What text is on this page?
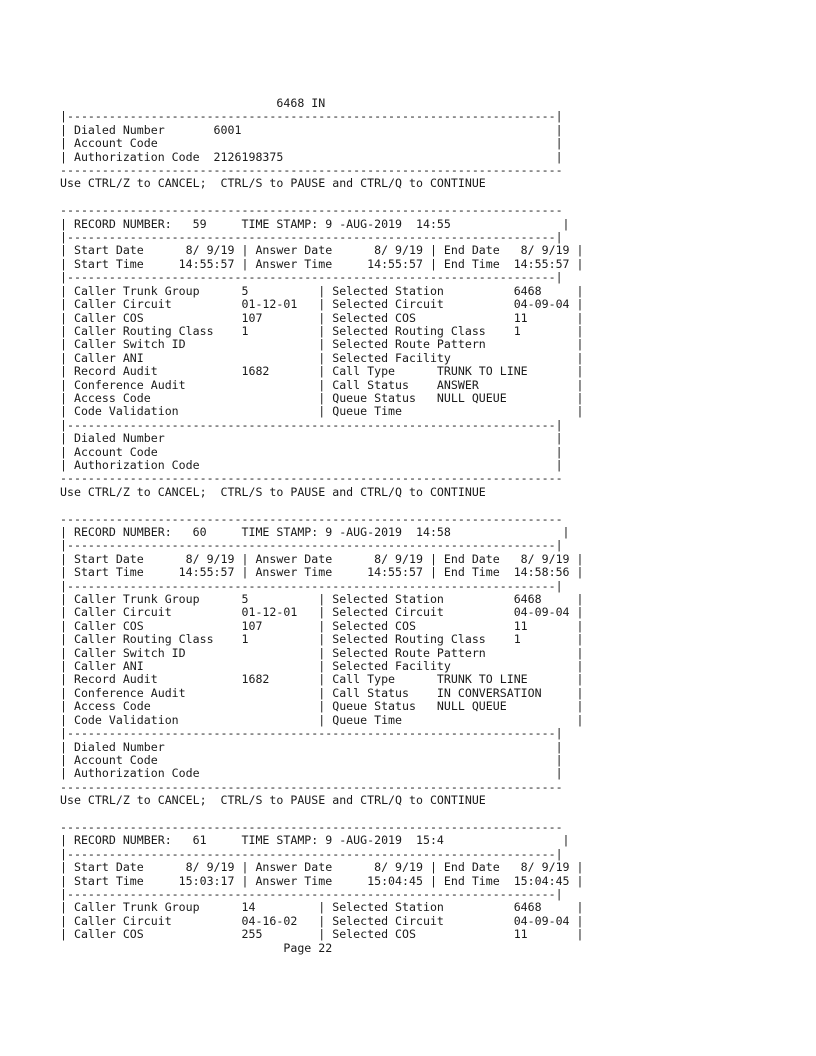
6468 IN
|----------------------------------------------------------------------|
| Dialed Number       6001                                             |
| Account Code                                                         |
| Authorization Code  2126198375                                       |
------------------------------------------------------------------------
Use CTRL/Z to CANCEL;  CTRL/S to PAUSE and CTRL/Q to CONTINUE

------------------------------------------------------------------------
| RECORD NUMBER:   59     TIME STAMP: 9 -AUG-2019  14:55                |
|----------------------------------------------------------------------|
| Start Date      8/ 9/19 | Answer Date      8/ 9/19 | End Date   8/ 9/19 |
| Start Time     14:55:57 | Answer Time     14:55:57 | End Time  14:55:57 |
|----------------------------------------------------------------------|
| Caller Trunk Group      5          | Selected Station          6468     |
| Caller Circuit          01-12-01   | Selected Circuit          04-09-04 |
| Caller COS              107        | Selected COS              11       |
| Caller Routing Class    1          | Selected Routing Class    1        |
| Caller Switch ID                   | Selected Route Pattern             |
| Caller ANI                         | Selected Facility                  |
| Record Audit            1682       | Call Type      TRUNK TO LINE       |
| Conference Audit                   | Call Status    ANSWER              |
| Access Code                        | Queue Status   NULL QUEUE          |
| Code Validation                    | Queue Time                         |
|----------------------------------------------------------------------|
| Dialed Number                                                        |
| Account Code                                                         |
| Authorization Code                                                   |
------------------------------------------------------------------------
Use CTRL/Z to CANCEL;  CTRL/S to PAUSE and CTRL/Q to CONTINUE

------------------------------------------------------------------------
| RECORD NUMBER:   60     TIME STAMP: 9 -AUG-2019  14:58                |
|----------------------------------------------------------------------|
| Start Date      8/ 9/19 | Answer Date      8/ 9/19 | End Date   8/ 9/19 |
| Start Time     14:55:57 | Answer Time     14:55:57 | End Time  14:58:56 |
|----------------------------------------------------------------------|
| Caller Trunk Group      5          | Selected Station          6468     |
| Caller Circuit          01-12-01   | Selected Circuit          04-09-04 |
| Caller COS              107        | Selected COS              11       |
| Caller Routing Class    1          | Selected Routing Class    1        |
| Caller Switch ID                   | Selected Route Pattern             |
| Caller ANI                         | Selected Facility                  |
| Record Audit            1682       | Call Type      TRUNK TO LINE       |
| Conference Audit                   | Call Status    IN CONVERSATION     |
| Access Code                        | Queue Status   NULL QUEUE          |
| Code Validation                    | Queue Time                         |
|----------------------------------------------------------------------|
| Dialed Number                                                        |
| Account Code                                                         |
| Authorization Code                                                   |
------------------------------------------------------------------------
Use CTRL/Z to CANCEL;  CTRL/S to PAUSE and CTRL/Q to CONTINUE

------------------------------------------------------------------------
| RECORD NUMBER:   61     TIME STAMP: 9 -AUG-2019  15:4                 |
|----------------------------------------------------------------------|
| Start Date      8/ 9/19 | Answer Date      8/ 9/19 | End Date   8/ 9/19 |
| Start Time     15:03:17 | Answer Time     15:04:45 | End Time  15:04:45 |
|----------------------------------------------------------------------|
| Caller Trunk Group      14         | Selected Station          6468     |
| Caller Circuit          04-16-02   | Selected Circuit          04-09-04 |
| Caller COS              255        | Selected COS              11       |
Page 22
